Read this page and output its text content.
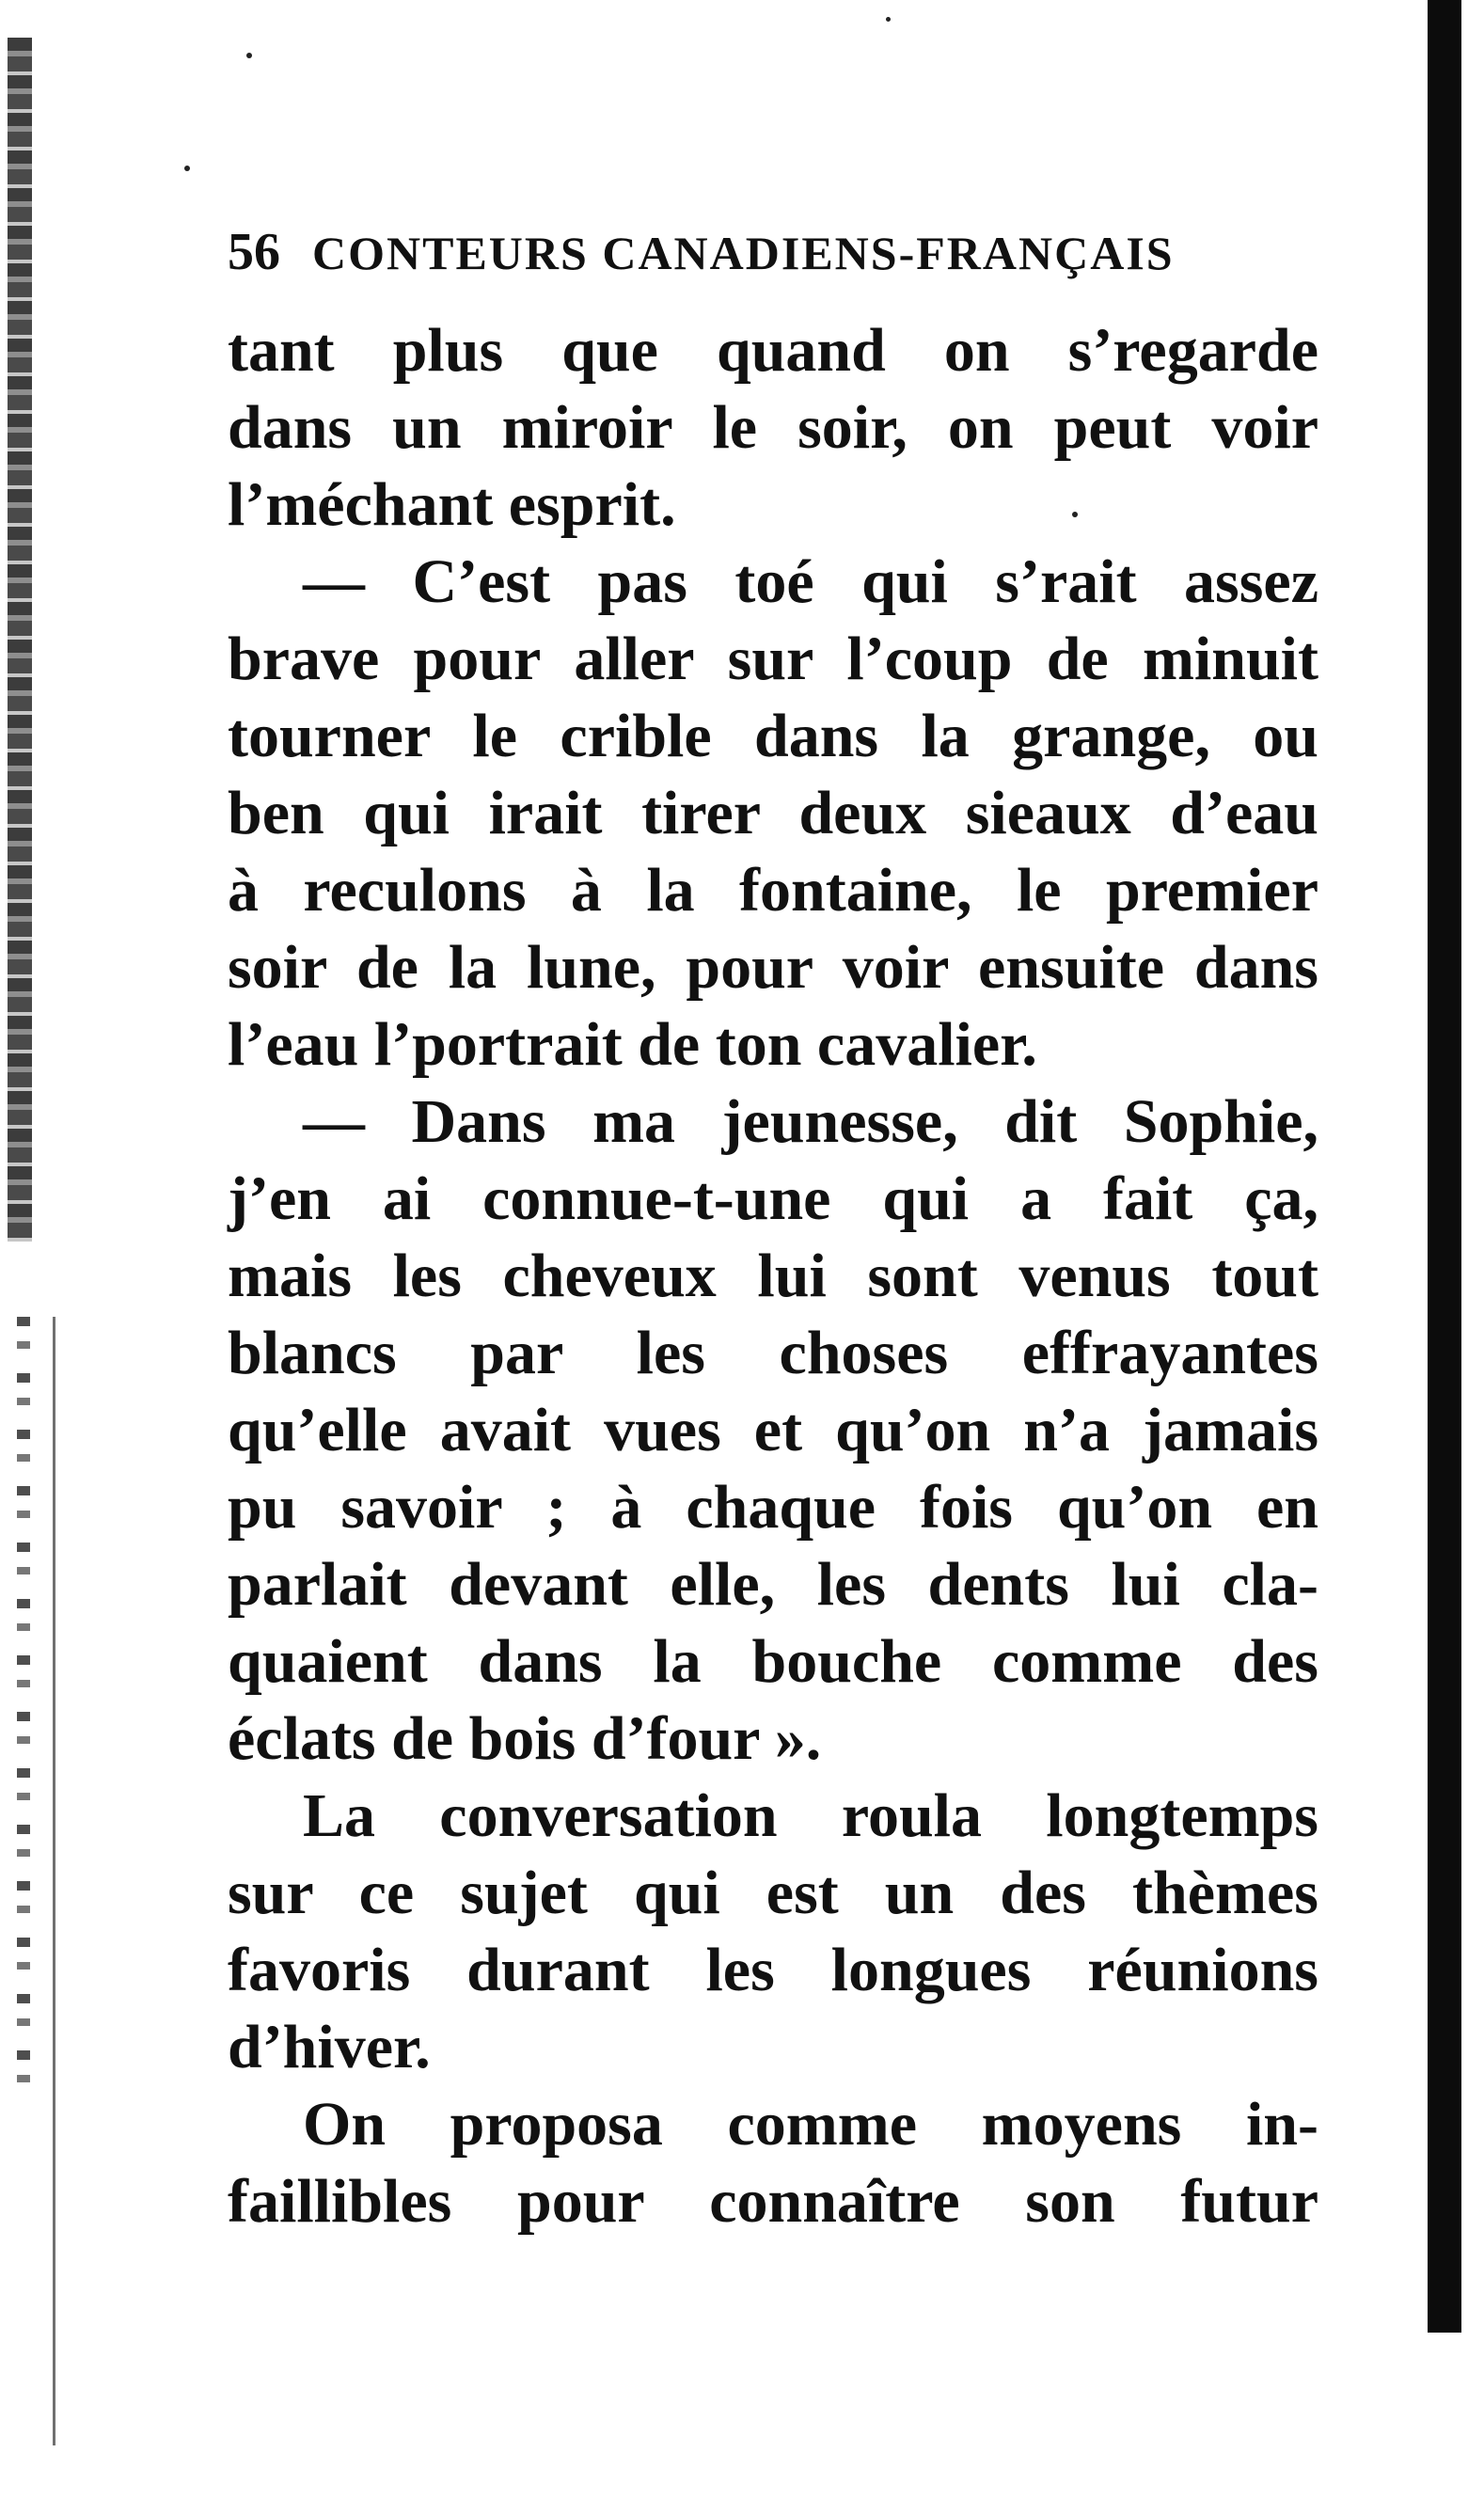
56 CONTEURS CANADIENS-FRANÇAIS
tant plus que quand on s’regarde
dans un miroir le soir, on peut voir
l’méchant esprit.
— C’est pas toé qui s’rait assez
brave pour aller sur l’coup de minuit
tourner le crible dans la grange, ou
ben qui irait tirer deux sieaux d’eau
à reculons à la fontaine, le premier
soir de la lune, pour voir ensuite dans
l’eau l’portrait de ton cavalier.
— Dans ma jeunesse, dit Sophie,
j’en ai connue-t-une qui a fait ça,
mais les cheveux lui sont venus tout
blancs par les choses effrayantes
qu’elle avait vues et qu’on n’a jamais
pu savoir ; à chaque fois qu’on en
parlait devant elle, les dents lui cla-
quaient dans la bouche comme des
éclats de bois d’four ».
La conversation roula longtemps
sur ce sujet qui est un des thèmes
favoris durant les longues réunions
d’hiver.
On proposa comme moyens in-
faillibles pour connaître son futur
